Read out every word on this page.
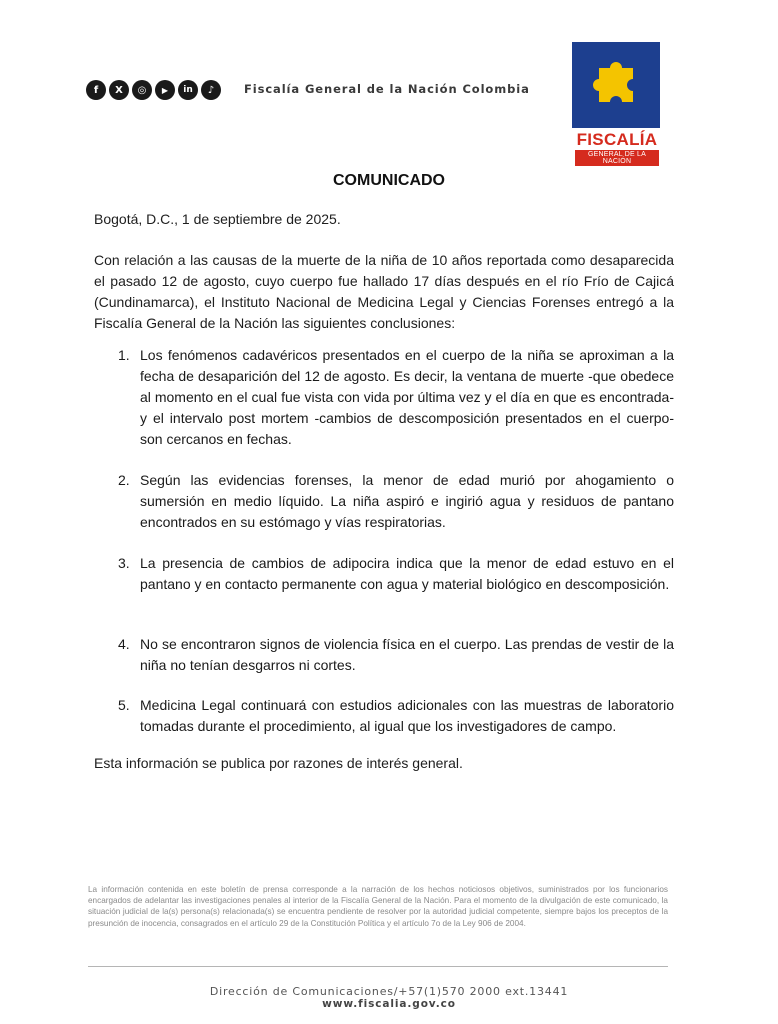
f	X	◎	▶	in	♪	Fiscalía General de la Nación Colombia
FISCALÍA
GENERAL DE LA NACIÓN
COMUNICADO

Bogotá, D.C., 1 de septiembre de 2025.

Con relación a las causas de la muerte de la niña de 10 años reportada como desaparecida el pasado 12 de agosto, cuyo cuerpo fue hallado 17 días después en el río Frío de Cajicá (Cundinamarca), el Instituto Nacional de Medicina Legal y Ciencias Forenses entregó a la Fiscalía General de la Nación las siguientes conclusiones:

1. Los fenómenos cadavéricos presentados en el cuerpo de la niña se aproximan a la fecha de desaparición del 12 de agosto. Es decir, la ventana de muerte -que obedece al momento en el cual fue vista con vida por última vez y el día en que es encontrada- y el intervalo post mortem -cambios de descomposición presentados en el cuerpo- son cercanos en fechas.
2. Según las evidencias forenses, la menor de edad murió por ahogamiento o sumersión en medio líquido. La niña aspiró e ingirió agua y residuos de pantano encontrados en su estómago y vías respiratorias.
3. La presencia de cambios de adipocira indica que la menor de edad estuvo en el pantano y en contacto permanente con agua y material biológico en descomposición.
4. No se encontraron signos de violencia física en el cuerpo. Las prendas de vestir de la niña no tenían desgarros ni cortes.
5. Medicina Legal continuará con estudios adicionales con las muestras de laboratorio tomadas durante el procedimiento, al igual que los investigadores de campo.

Esta información se publica por razones de interés general.

La información contenida en este boletín de prensa corresponde a la narración de los hechos noticiosos objetivos, suministrados por los funcionarios encargados de adelantar las investigaciones penales al interior de la Fiscalía General de la Nación. Para el momento de la divulgación de este comunicado, la situación judicial de la(s) persona(s) relacionada(s) se encuentra pendiente de resolver por la autoridad judicial competente, siempre bajos los preceptos de la presunción de inocencia, consagrados en el artículo 29 de la Constitución Política y el artículo 7o de la Ley 906 de 2004.

Dirección de Comunicaciones/+57(1)570 2000 ext.13441
www.fiscalia.gov.co
